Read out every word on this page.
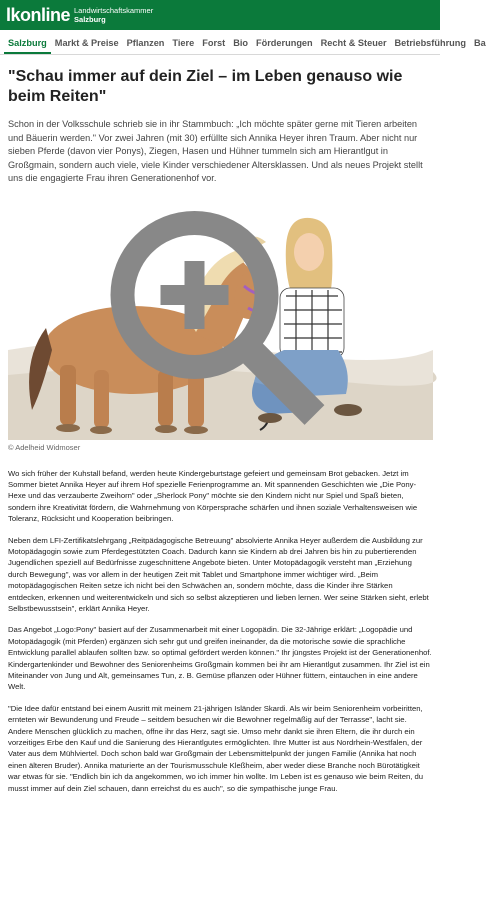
lkonline Landwirtschaftskammer
Salzburg
Salzburg Markt & Preise Pflanzen Tiere Forst Bio Förderungen Recht & Steuer Betriebsführung Ba
"Schau immer auf dein Ziel – im Leben genauso wie beim Reiten"

Schon in der Volksschule schrieb sie in ihr Stammbuch: „Ich möchte später gerne mit Tieren arbeiten und Bäuerin werden." Vor zwei Jahren (mit 30) erfüllte sich Annika Heyer ihren Traum. Aber nicht nur sieben Pferde (davon vier Ponys), Ziegen, Hasen und Hühner tummeln sich am Hierantlgut in Großgmain, sondern auch viele, viele Kinder verschiedener Altersklassen. Und als neues Projekt stellt uns die engagierte Frau ihren Generationenhof vor.

© Adelheid Widmoser

Wo sich früher der Kuhstall befand, werden heute Kindergeburtstage gefeiert und gemeinsam Brot gebacken. Jetzt im Sommer bietet Annika Heyer auf ihrem Hof spezielle Ferienprogramme an. Mit spannenden Geschichten wie „Die Pony-Hexe und das verzauberte Zweihorn" oder „Sherlock Pony" möchte sie den Kindern nicht nur Spiel und Spaß bieten, sondern ihre Kreativität fördern, die Wahrnehmung von Körpersprache schärfen und ihnen soziale Verhaltensweisen wie Toleranz, Rücksicht und Kooperation beibringen.

Neben dem LFI-Zertifikatslehrgang „Reitpädagogische Betreuung" absolvierte Annika Heyer außerdem die Ausbildung zur Motopädagogin sowie zum Pferdegestützten Coach. Dadurch kann sie Kindern ab drei Jahren bis hin zu pubertierenden Jugendlichen speziell auf Bedürfnisse zugeschnittene Angebote bieten. Unter Motopädagogik versteht man „Erziehung durch Bewegung", was vor allem in der heutigen Zeit mit Tablet und Smartphone immer wichtiger wird. „Beim motopädagogischen Reiten setze ich nicht bei den Schwächen an, sondern möchte, dass die Kinder ihre Stärken entdecken, erkennen und weiterentwickeln und sich so selbst akzeptieren und lieben lernen. Wer seine Stärken sieht, erlebt Selbstbewusstsein", erklärt Annika Heyer.

Das Angebot „Logo:Pony" basiert auf der Zusammenarbeit mit einer Logopädin. Die 32-Jährige erklärt: „Logopädie und Motopädagogik (mit Pferden) ergänzen sich sehr gut und greifen ineinander, da die motorische sowie die sprachliche Entwicklung parallel ablaufen sollten bzw. so optimal gefördert werden können." Ihr jüngstes Projekt ist der Generationenhof. Kindergartenkinder und Bewohner des Seniorenheims Großgmain kommen bei ihr am Hierantlgut zusammen. Ihr Ziel ist ein Miteinander von Jung und Alt, gemeinsames Tun, z. B. Gemüse pflanzen oder Hühner füttern, eintauchen in eine andere Welt.

"Die Idee dafür entstand bei einem Ausritt mit meinem 21-jährigen Isländer Skardi. Als wir beim Seniorenheim vorbeiritten, ernteten wir Bewunderung und Freude – seitdem besuchen wir die Bewohner regelmäßig auf der Terrasse", lacht sie. Andere Menschen glücklich zu machen, öffne ihr das Herz, sagt sie. Umso mehr dankt sie ihren Eltern, die ihr durch ein vorzeitiges Erbe den Kauf und die Sanierung des Hierantlgutes ermöglichten. Ihre Mutter ist aus Nordrhein-Westfalen, der Vater aus dem Mühlviertel. Doch schon bald war Großgmain der Lebensmittelpunkt der jungen Familie (Annika hat noch einen älteren Bruder). Annika maturierte an der Tourismusschule Kleßheim, aber weder diese Branche noch Bürotätigkeit war etwas für sie. "Endlich bin ich da angekommen, wo ich immer hin wollte. Im Leben ist es genauso wie beim Reiten, du musst immer auf dein Ziel schauen, dann erreichst du es auch", so die sympathische junge Frau.
